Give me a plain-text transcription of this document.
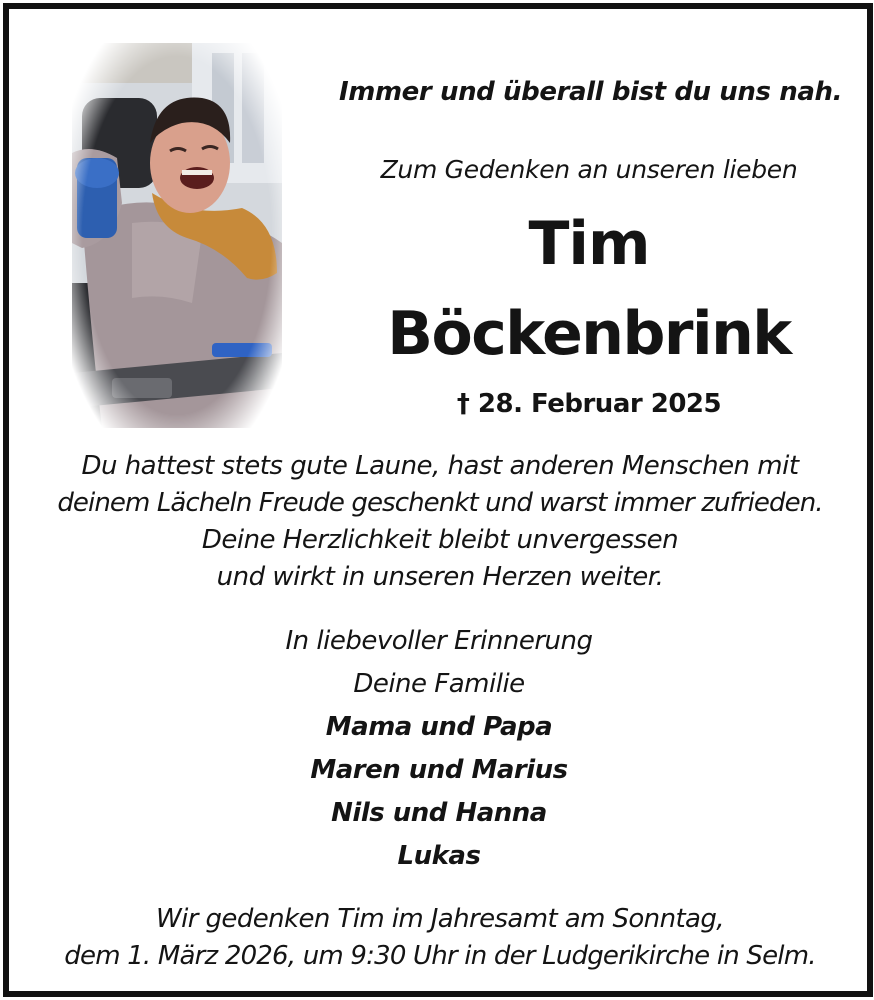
Immer und überall bist du uns nah.
Zum Gedenken an unseren lieben
Tim
Böckenbrink
† 28. Februar 2025
Du hattest stets gute Laune, hast anderen Menschen mit
deinem Lächeln Freude geschenkt und warst immer zufrieden.
Deine Herzlichkeit bleibt unvergessen
und wirkt in unseren Herzen weiter.
In liebevoller Erinnerung
Deine Familie
Mama und Papa
Maren und Marius
Nils und Hanna
Lukas
Wir gedenken Tim im Jahresamt am Sonntag,
dem 1. März 2026, um 9:30 Uhr in der Ludgerikirche in Selm.
